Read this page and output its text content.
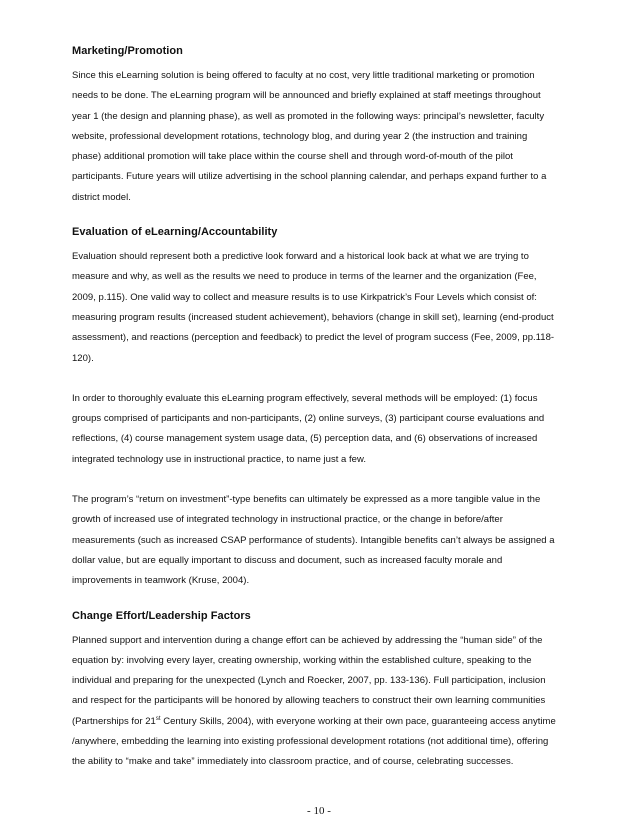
Marketing/Promotion

Since this eLearning solution is being offered to faculty at no cost, very little traditional marketing or promotion needs to be done. The eLearning program will be announced and briefly explained at staff meetings throughout year 1 (the design and planning phase), as well as promoted in the following ways: principal’s newsletter, faculty website, professional development rotations, technology blog, and during year 2 (the instruction and training phase) additional promotion will take place within the course shell and through word-of-mouth of the pilot participants. Future years will utilize advertising in the school planning calendar, and perhaps expand further to a district model.

Evaluation of eLearning/Accountability

Evaluation should represent both a predictive look forward and a historical look back at what we are trying to measure and why, as well as the results we need to produce in terms of the learner and the organization (Fee, 2009, p.115). One valid way to collect and measure results is to use Kirkpatrick’s Four Levels which consist of: measuring program results (increased student achievement), behaviors (change in skill set), learning (end-product assessment), and reactions (perception and feedback) to predict the level of program success (Fee, 2009, pp.118-120).

In order to thoroughly evaluate this eLearning program effectively, several methods will be employed: (1) focus groups comprised of participants and non-participants, (2) online surveys, (3) participant course evaluations and reflections, (4) course management system usage data, (5) perception data, and (6) observations of increased integrated technology use in instructional practice, to name just a few.

The program’s “return on investment”-type benefits can ultimately be expressed as a more tangible value in the growth of increased use of integrated technology in instructional practice, or the change in before/after measurements (such as increased CSAP performance of students). Intangible benefits can’t always be assigned a dollar value, but are equally important to discuss and document, such as increased faculty morale and improvements in teamwork (Kruse, 2004).

Change Effort/Leadership Factors

Planned support and intervention during a change effort can be achieved by addressing the “human side” of the equation by: involving every layer, creating ownership, working within the established culture, speaking to the individual and preparing for the unexpected (Lynch and Roecker, 2007, pp. 133-136). Full participation, inclusion and respect for the participants will be honored by allowing teachers to construct their own learning communities (Partnerships for 21st Century Skills, 2004), with everyone working at their own pace, guaranteeing access anytime /anywhere, embedding the learning into existing professional development rotations (not additional time), offering the ability to “make and take” immediately into classroom practice, and of course, celebrating successes.

- 10 -
